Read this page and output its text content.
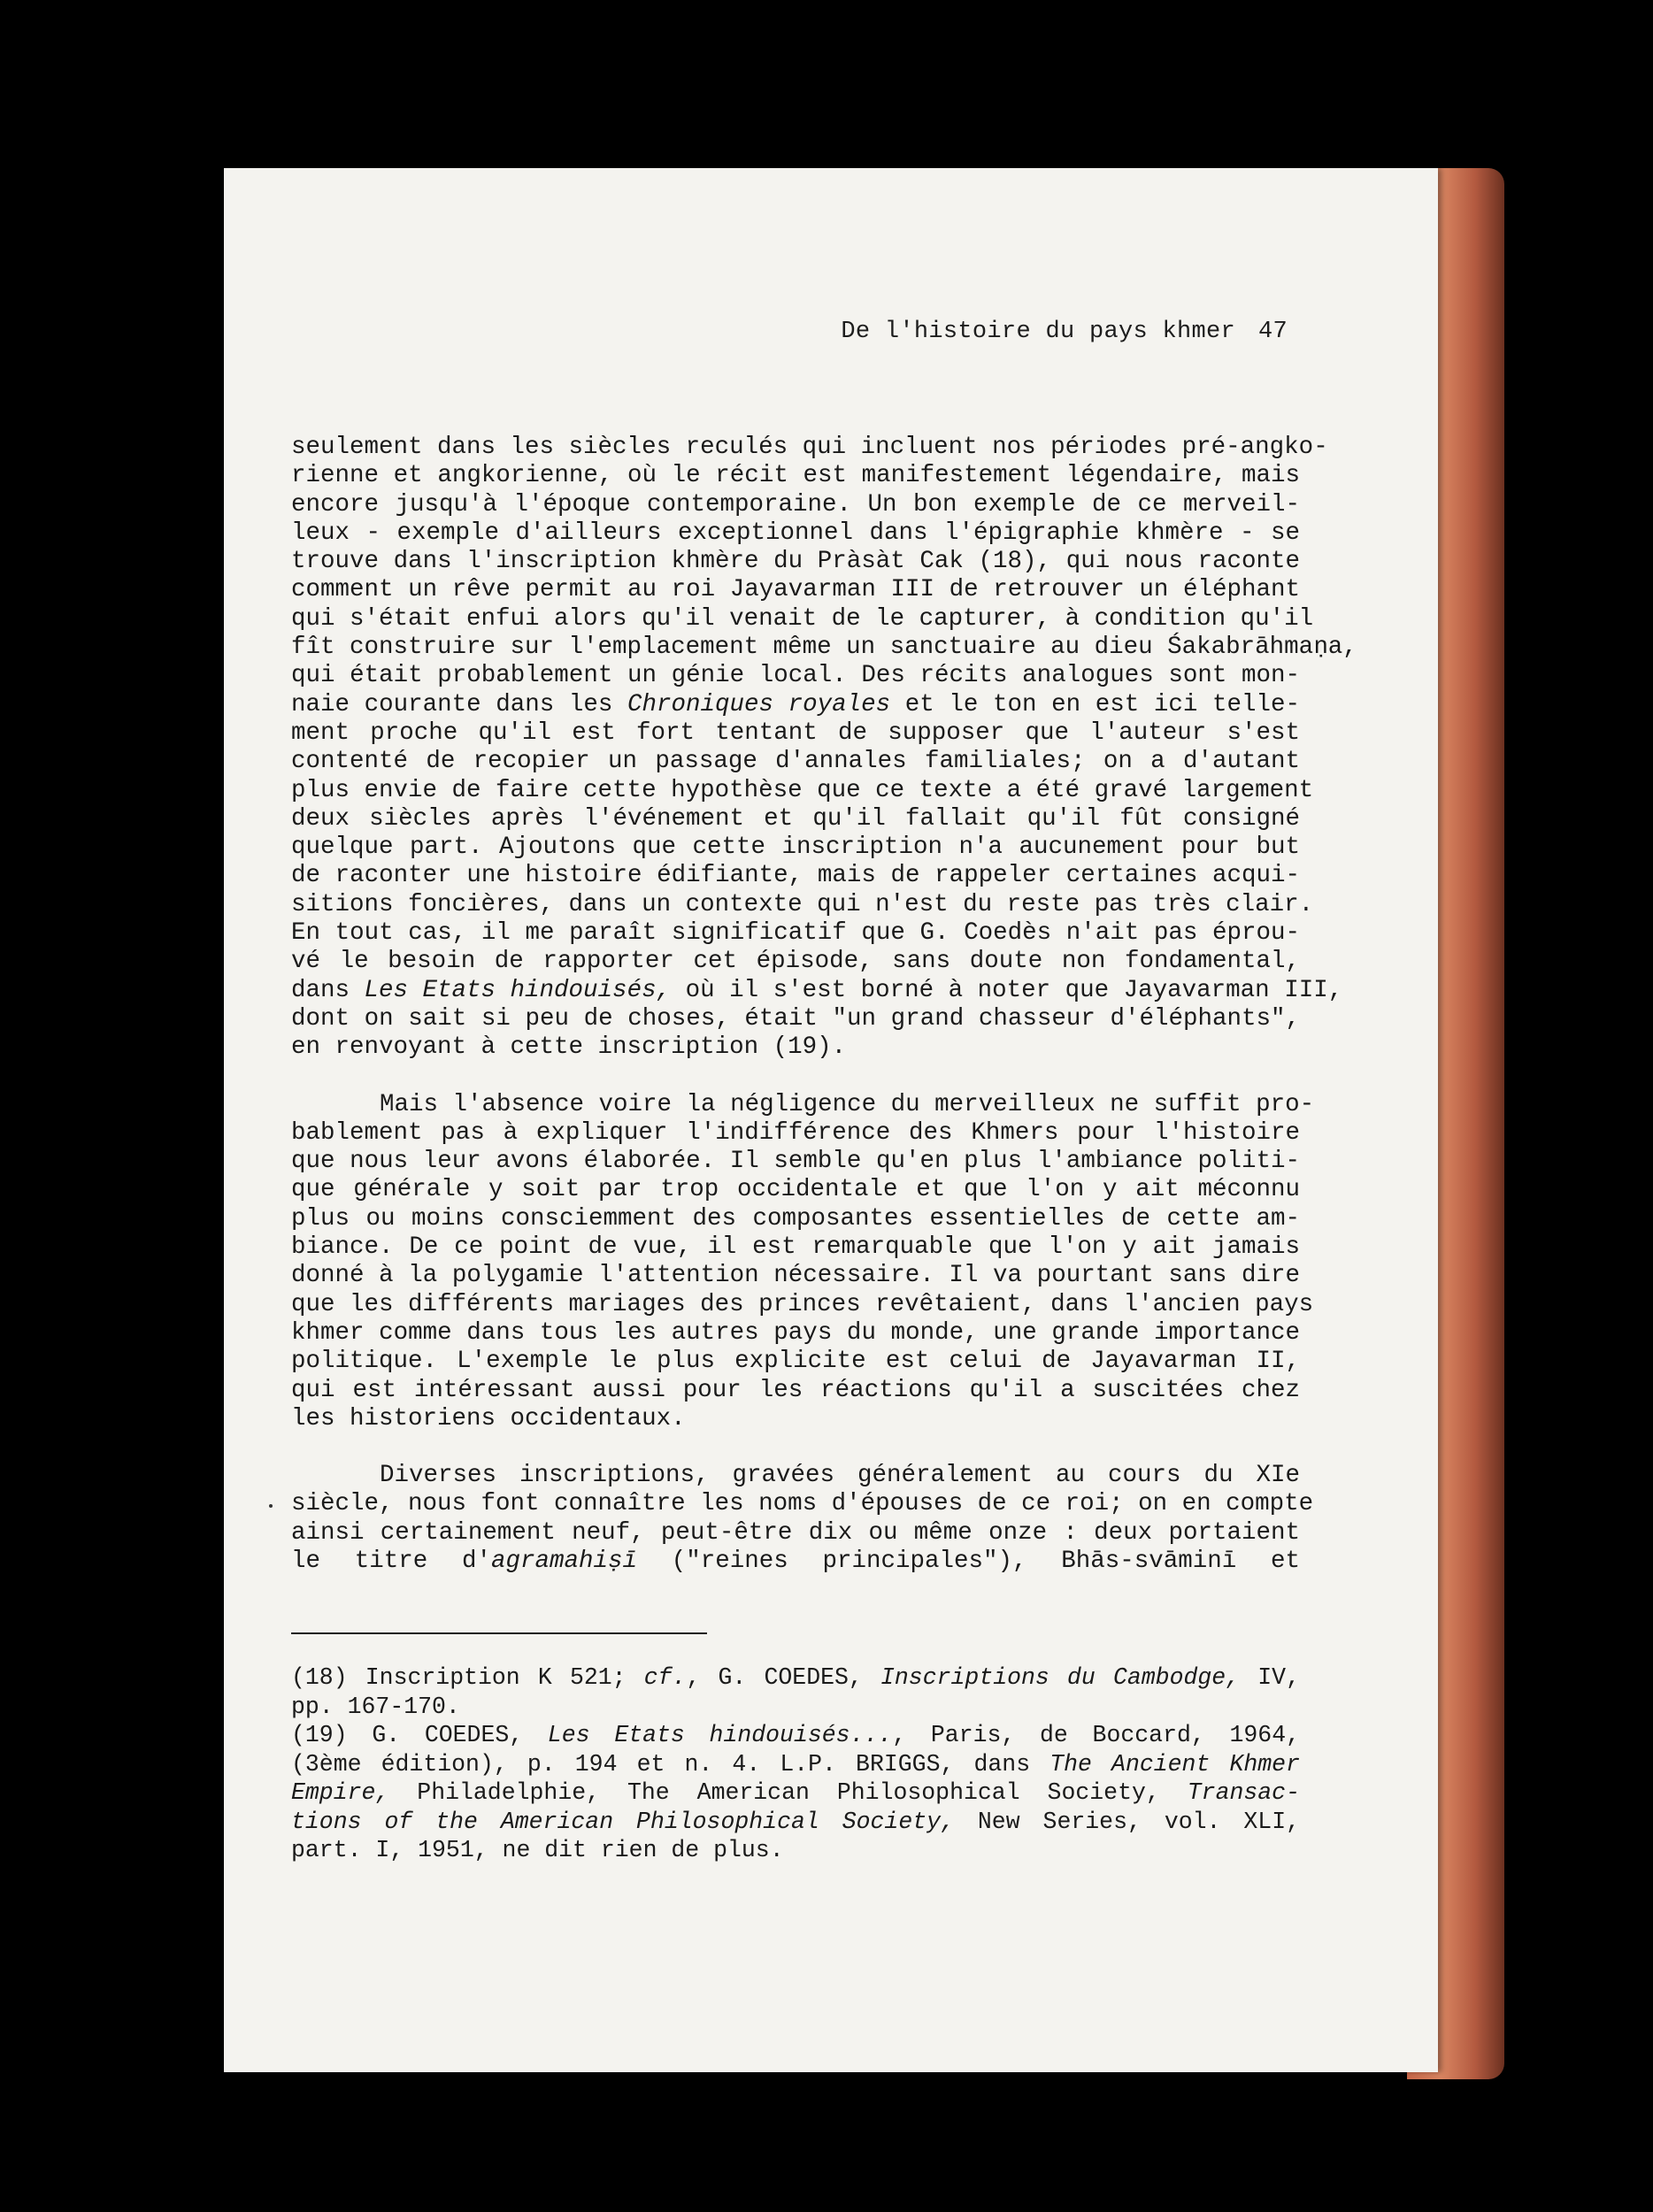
De l'histoire du pays khmer 47
seulement dans les siècles reculés qui incluent nos périodes pré-angko-
rienne et angkorienne, où le récit est manifestement légendaire, mais
encore jusqu'à l'époque contemporaine. Un bon exemple de ce merveil-
leux - exemple d'ailleurs exceptionnel dans l'épigraphie khmère - se
trouve dans l'inscription khmère du Pràsàt Cak (18), qui nous raconte
comment un rêve permit au roi Jayavarman III de retrouver un éléphant
qui s'était enfui alors qu'il venait de le capturer, à condition qu'il
fît construire sur l'emplacement même un sanctuaire au dieu Śakabrāhmaṇa,
qui était probablement un génie local. Des récits analogues sont mon-
naie courante dans les Chroniques royales et le ton en est ici telle-
ment proche qu'il est fort tentant de supposer que l'auteur s'est
contenté de recopier un passage d'annales familiales; on a d'autant
plus envie de faire cette hypothèse que ce texte a été gravé largement
deux siècles après l'événement et qu'il fallait qu'il fût consigné
quelque part. Ajoutons que cette inscription n'a aucunement pour but
de raconter une histoire édifiante, mais de rappeler certaines acqui-
sitions foncières, dans un contexte qui n'est du reste pas très clair.
En tout cas, il me paraît significatif que G. Coedès n'ait pas éprou-
vé le besoin de rapporter cet épisode, sans doute non fondamental,
dans Les Etats hindouisés, où il s'est borné à noter que Jayavarman III,
dont on sait si peu de choses, était "un grand chasseur d'éléphants",
en renvoyant à cette inscription (19).
Mais l'absence voire la négligence du merveilleux ne suffit pro-
bablement pas à expliquer l'indifférence des Khmers pour l'histoire
que nous leur avons élaborée. Il semble qu'en plus l'ambiance politi-
que générale y soit par trop occidentale et que l'on y ait méconnu
plus ou moins consciemment des composantes essentielles de cette am-
biance. De ce point de vue, il est remarquable que l'on y ait jamais
donné à la polygamie l'attention nécessaire. Il va pourtant sans dire
que les différents mariages des princes revêtaient, dans l'ancien pays
khmer comme dans tous les autres pays du monde, une grande importance
politique. L'exemple le plus explicite est celui de Jayavarman II,
qui est intéressant aussi pour les réactions qu'il a suscitées chez
les historiens occidentaux.
Diverses inscriptions, gravées généralement au cours du XIe
siècle, nous font connaître les noms d'épouses de ce roi; on en compte
ainsi certainement neuf, peut-être dix ou même onze : deux portaient
le titre d'agramahiṣī ("reines principales"), Bhās-svāminī et
(18) Inscription K 521; cf., G. COEDES, Inscriptions du Cambodge, IV,
pp. 167-170.
(19) G. COEDES, Les Etats hindouisés..., Paris, de Boccard, 1964,
(3ème édition), p. 194 et n. 4. L.P. BRIGGS, dans The Ancient Khmer
Empire, Philadelphie, The American Philosophical Society, Transac-
tions of the American Philosophical Society, New Series, vol. XLI,
part. I, 1951, ne dit rien de plus.
